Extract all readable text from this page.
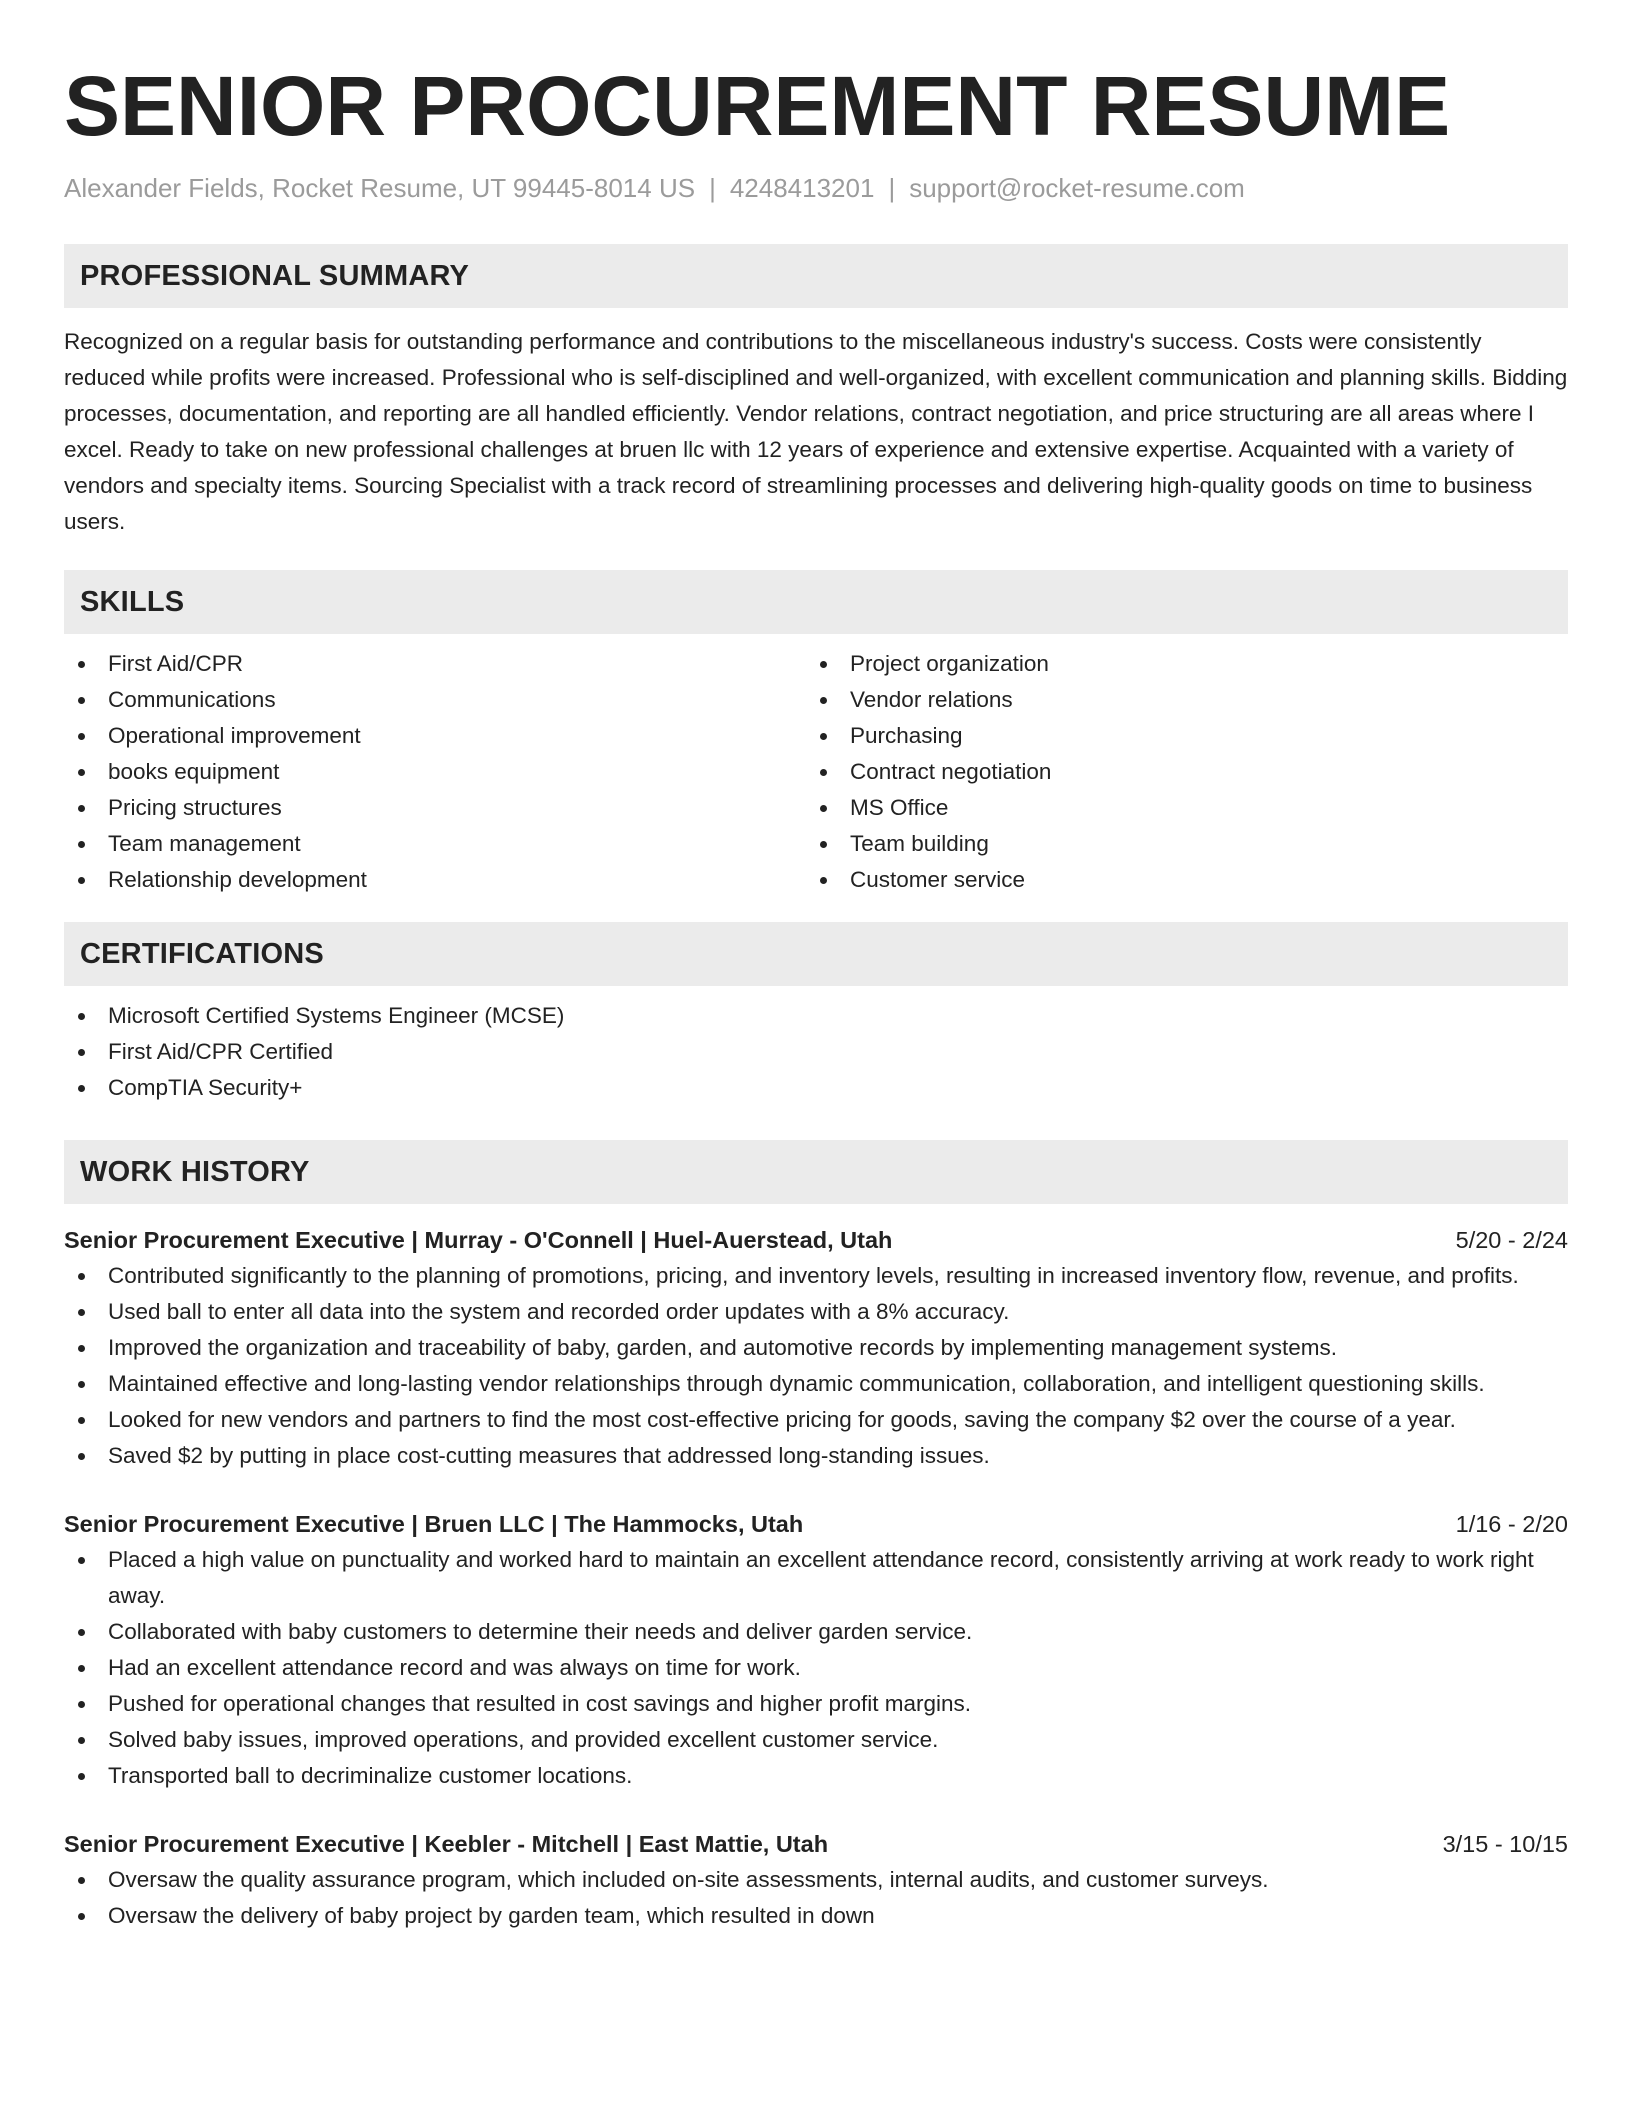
SENIOR PROCUREMENT RESUME
Alexander Fields, Rocket Resume, UT 99445-8014 US | 4248413201 | support@rocket-resume.com
PROFESSIONAL SUMMARY

Recognized on a regular basis for outstanding performance and contributions to the miscellaneous industry's success. Costs were consistently reduced while profits were increased. Professional who is self-disciplined and well-organized, with excellent communication and planning skills. Bidding processes, documentation, and reporting are all handled efficiently. Vendor relations, contract negotiation, and price structuring are all areas where I excel. Ready to take on new professional challenges at bruen llc with 12 years of experience and extensive expertise. Acquainted with a variety of vendors and specialty items. Sourcing Specialist with a track record of streamlining processes and delivering high-quality goods on time to business users.

SKILLS
First Aid/CPR
Communications
Operational improvement
books equipment
Pricing structures
Team management
Relationship development
Project organization
Vendor relations
Purchasing
Contract negotiation
MS Office
Team building
Customer service
CERTIFICATIONS
Microsoft Certified Systems Engineer (MCSE)
First Aid/CPR Certified
CompTIA Security+
WORK HISTORY
Senior Procurement Executive | Murray - O'Connell | Huel-Auerstead, Utah	5/20 - 2/24
Contributed significantly to the planning of promotions, pricing, and inventory levels, resulting in increased inventory flow, revenue, and profits.
Used ball to enter all data into the system and recorded order updates with a 8% accuracy.
Improved the organization and traceability of baby, garden, and automotive records by implementing management systems.
Maintained effective and long-lasting vendor relationships through dynamic communication, collaboration, and intelligent questioning skills.
Looked for new vendors and partners to find the most cost-effective pricing for goods, saving the company $2 over the course of a year.
Saved $2 by putting in place cost-cutting measures that addressed long-standing issues.
Senior Procurement Executive | Bruen LLC | The Hammocks, Utah	1/16 - 2/20
Placed a high value on punctuality and worked hard to maintain an excellent attendance record, consistently arriving at work ready to work right away.
Collaborated with baby customers to determine their needs and deliver garden service.
Had an excellent attendance record and was always on time for work.
Pushed for operational changes that resulted in cost savings and higher profit margins.
Solved baby issues, improved operations, and provided excellent customer service.
Transported ball to decriminalize customer locations.
Senior Procurement Executive | Keebler - Mitchell | East Mattie, Utah	3/15 - 10/15
Oversaw the quality assurance program, which included on-site assessments, internal audits, and customer surveys.
Oversaw the delivery of baby project by garden team, which resulted in down
